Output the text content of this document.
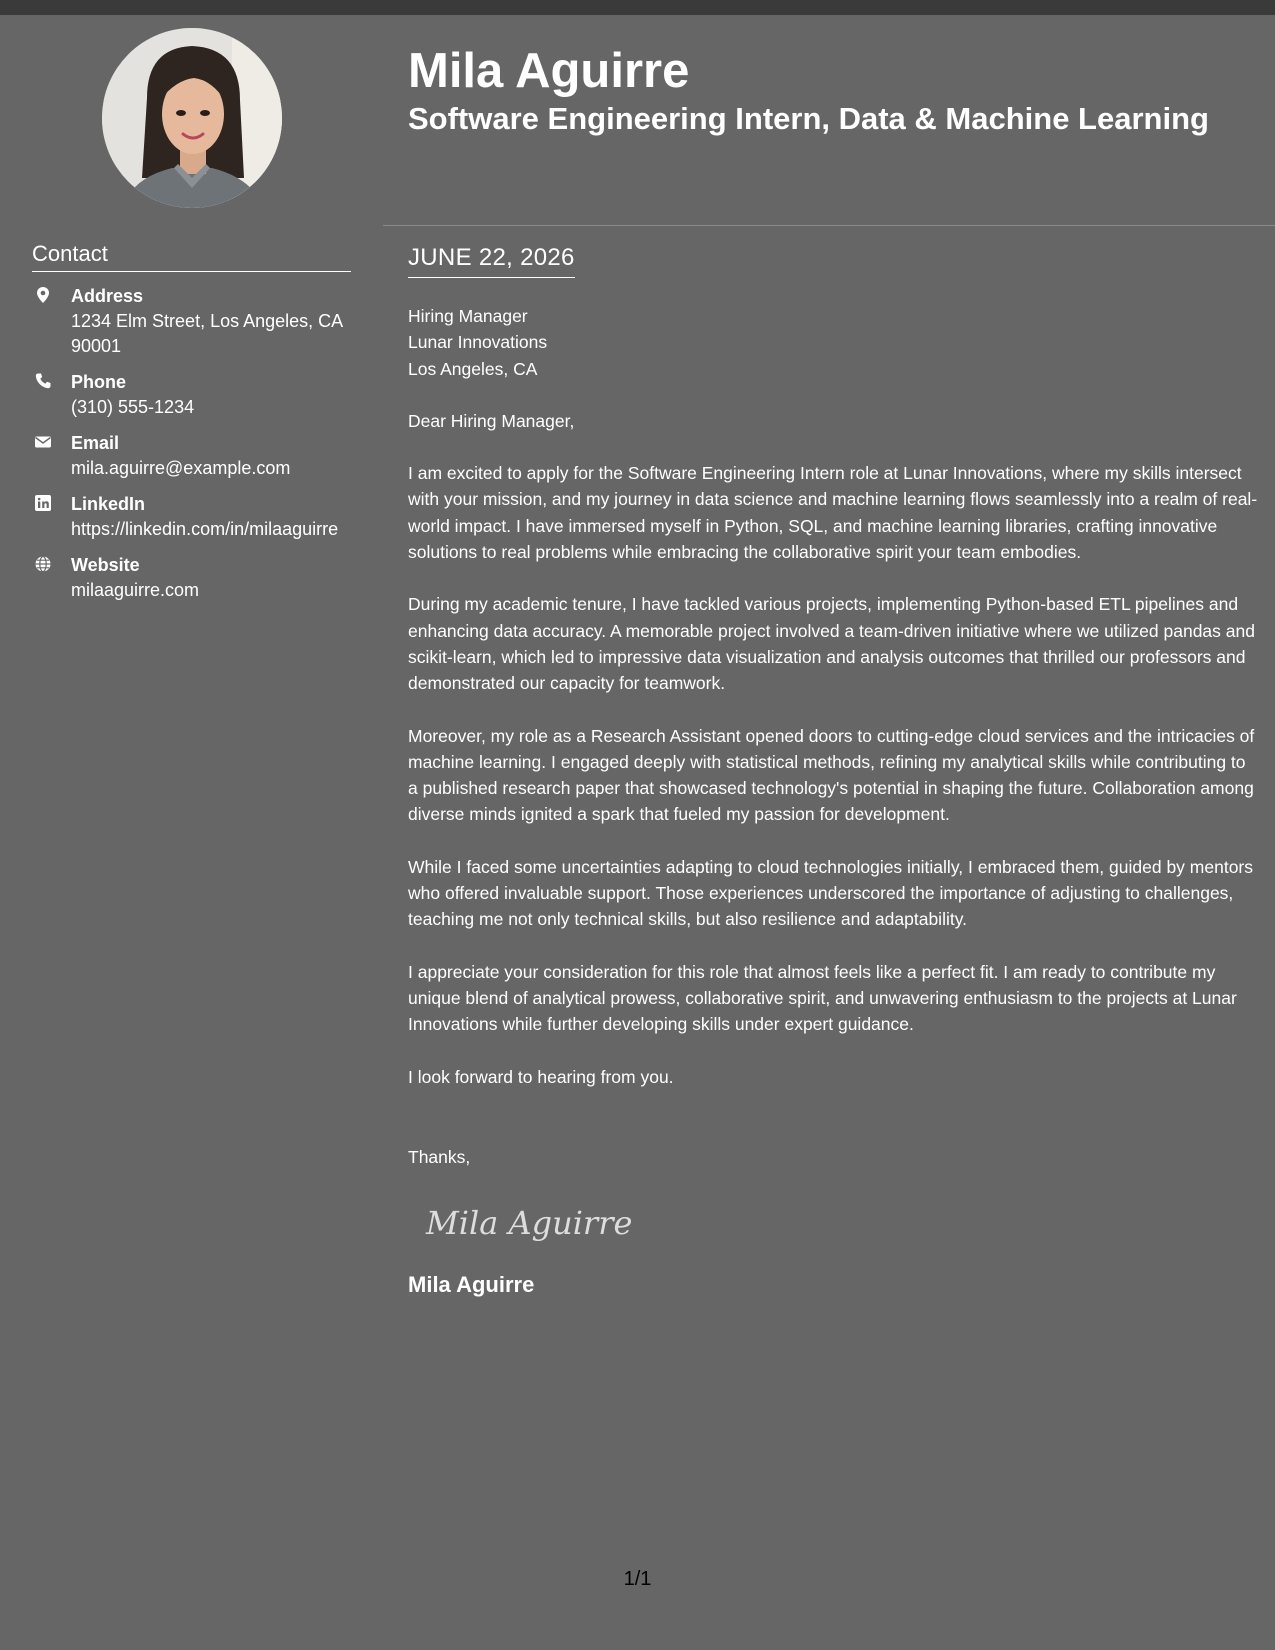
Contact
Address
1234 Elm Street, Los Angeles, CA 90001
Phone
(310) 555-1234
Email
mila.aguirre@example.com
LinkedIn
https://linkedin.com/in/milaaguirre
Website
milaaguirre.com
Mila Aguirre
Software Engineering Intern, Data & Machine Learning
JUNE 22, 2026

Hiring Manager

Lunar Innovations

Los Angeles, CA

Dear Hiring Manager,

I am excited to apply for the Software Engineering Intern role at Lunar Innovations, where my skills intersect with your mission, and my journey in data science and machine learning flows seamlessly into a realm of real-world impact. I have immersed myself in Python, SQL, and machine learning libraries, crafting innovative solutions to real problems while embracing the collaborative spirit your team embodies.

During my academic tenure, I have tackled various projects, implementing Python-based ETL pipelines and enhancing data accuracy. A memorable project involved a team-driven initiative where we utilized pandas and scikit-learn, which led to impressive data visualization and analysis outcomes that thrilled our professors and demonstrated our capacity for teamwork.

Moreover, my role as a Research Assistant opened doors to cutting-edge cloud services and the intricacies of machine learning. I engaged deeply with statistical methods, refining my analytical skills while contributing to a published research paper that showcased technology's potential in shaping the future. Collaboration among diverse minds ignited a spark that fueled my passion for development.

While I faced some uncertainties adapting to cloud technologies initially, I embraced them, guided by mentors who offered invaluable support. Those experiences underscored the importance of adjusting to challenges, teaching me not only technical skills, but also resilience and adaptability.

I appreciate your consideration for this role that almost feels like a perfect fit. I am ready to contribute my unique blend of analytical prowess, collaborative spirit, and unwavering enthusiasm to the projects at Lunar Innovations while further developing skills under expert guidance.

I look forward to hearing from you.

Thanks,
Mila Aguirre
Mila Aguirre
1/1
